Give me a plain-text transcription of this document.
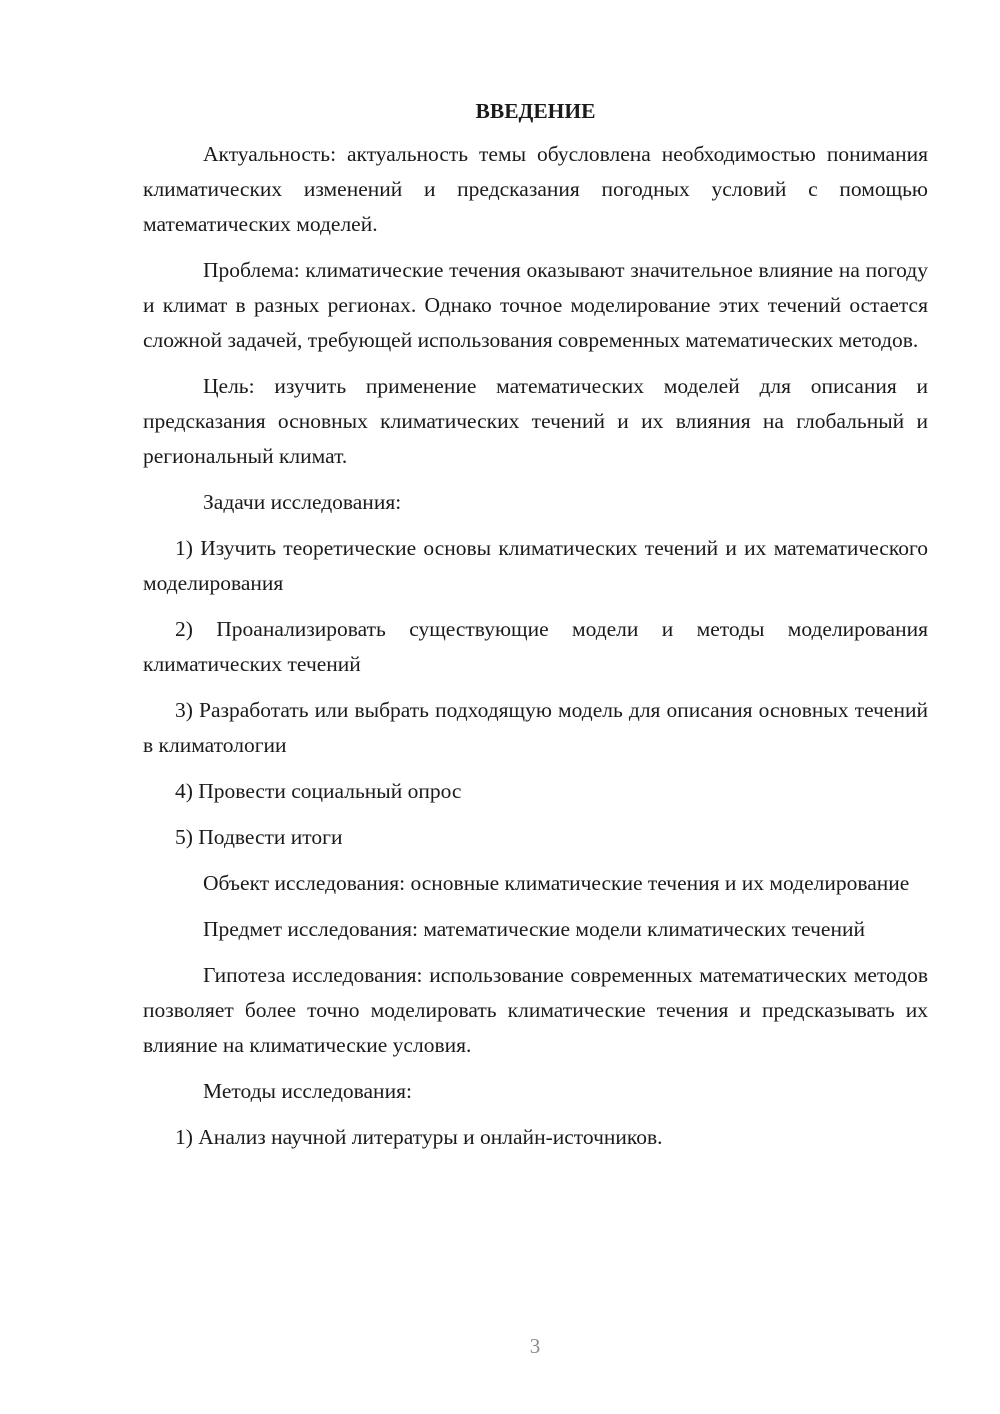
ВВЕДЕНИЕ

Актуальность: актуальность темы обусловлена необходимостью понимания климатических изменений и предсказания погодных условий с помощью математических моделей.

Проблема: климатические течения оказывают значительное влияние на погоду и климат в разных регионах. Однако точное моделирование этих течений остается сложной задачей, требующей использования современных математических методов.

Цель: изучить применение математических моделей для описания и предсказания основных климатических течений и их влияния на глобальный и региональный климат.

Задачи исследования:

1) Изучить теоретические основы климатических течений и их математического моделирования

2) Проанализировать существующие модели и методы моделирования климатических течений

3) Разработать или выбрать подходящую модель для описания основных течений в климатологии

4) Провести социальный опрос

5) Подвести итоги

Объект исследования: основные климатические течения и их моделирование

Предмет исследования: математические модели климатических течений

Гипотеза исследования: использование современных математических методов позволяет более точно моделировать климатические течения и предсказывать их влияние на климатические условия.

Методы исследования:

1) Анализ научной литературы и онлайн-источников.

3
